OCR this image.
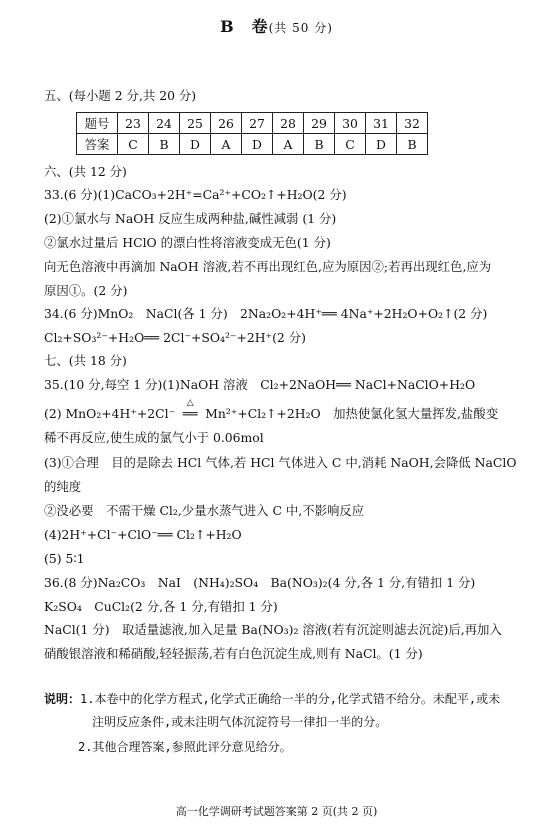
B　卷(共 50 分)
五、(每小题 2 分,共 20 分)
题号	23	24	25	26	27	28	29	30	31	32
答案	C	B	D	A	D	A	B	C	D	B
六、(共 12 分)
33.(6 分)(1)CaCO₃+2H⁺=Ca²⁺+CO₂↑+H₂O(2 分)
(2)①氯水与 NaOH 反应生成两种盐,碱性减弱 (1 分)
②氯水过量后 HClO 的漂白性将溶液变成无色(1 分)
向无色溶液中再滴加 NaOH 溶液,若不再出现红色,应为原因②;若再出现红色,应为
原因①。(2 分)
34.(6 分)MnO₂　NaCl(各 1 分)　2Na₂O₂+4H⁺══ 4Na⁺+2H₂O+O₂↑(2 分)
Cl₂+SO₃²⁻+H₂O══ 2Cl⁻+SO₄²⁻+2H⁺(2 分)
七、(共 18 分)
35.(10 分,每空 1 分)(1)NaOH 溶液　Cl₂+2NaOH══ NaCl+NaClO+H₂O
(2) MnO₂+4H⁺+2Cl⁻
△
══ Mn²⁺+Cl₂↑+2H₂O　加热使氯化氢大量挥发,盐酸变
稀不再反应,使生成的氯气小于 0.06mol
(3)①合理　目的是除去 HCl 气体,若 HCl 气体进入 C 中,消耗 NaOH,会降低 NaClO
的纯度
②没必要　不需干燥 Cl₂,少量水蒸气进入 C 中,不影响反应
(4)2H⁺+Cl⁻+ClO⁻══ Cl₂↑+H₂O
(5) 5∶1
36.(8 分)Na₂CO₃　NaI　(NH₄)₂SO₄　Ba(NO₃)₂(4 分,各 1 分,有错扣 1 分)
K₂SO₄　CuCl₂(2 分,各 1 分,有错扣 1 分)
NaCl(1 分)　取适量滤液,加入足量 Ba(NO₃)₂ 溶液(若有沉淀则滤去沉淀)后,再加入
硝酸银溶液和稀硝酸,轻轻振荡,若有白色沉淀生成,则有 NaCl。(1 分)
说明：1.本卷中的化学方程式,化学式正确给一半的分,化学式错不给分。未配平,或未
注明反应条件,或未注明气体沉淀符号一律扣一半的分。
2.其他合理答案,参照此评分意见给分。
高一化学调研考试题答案第 2 页(共 2 页)
